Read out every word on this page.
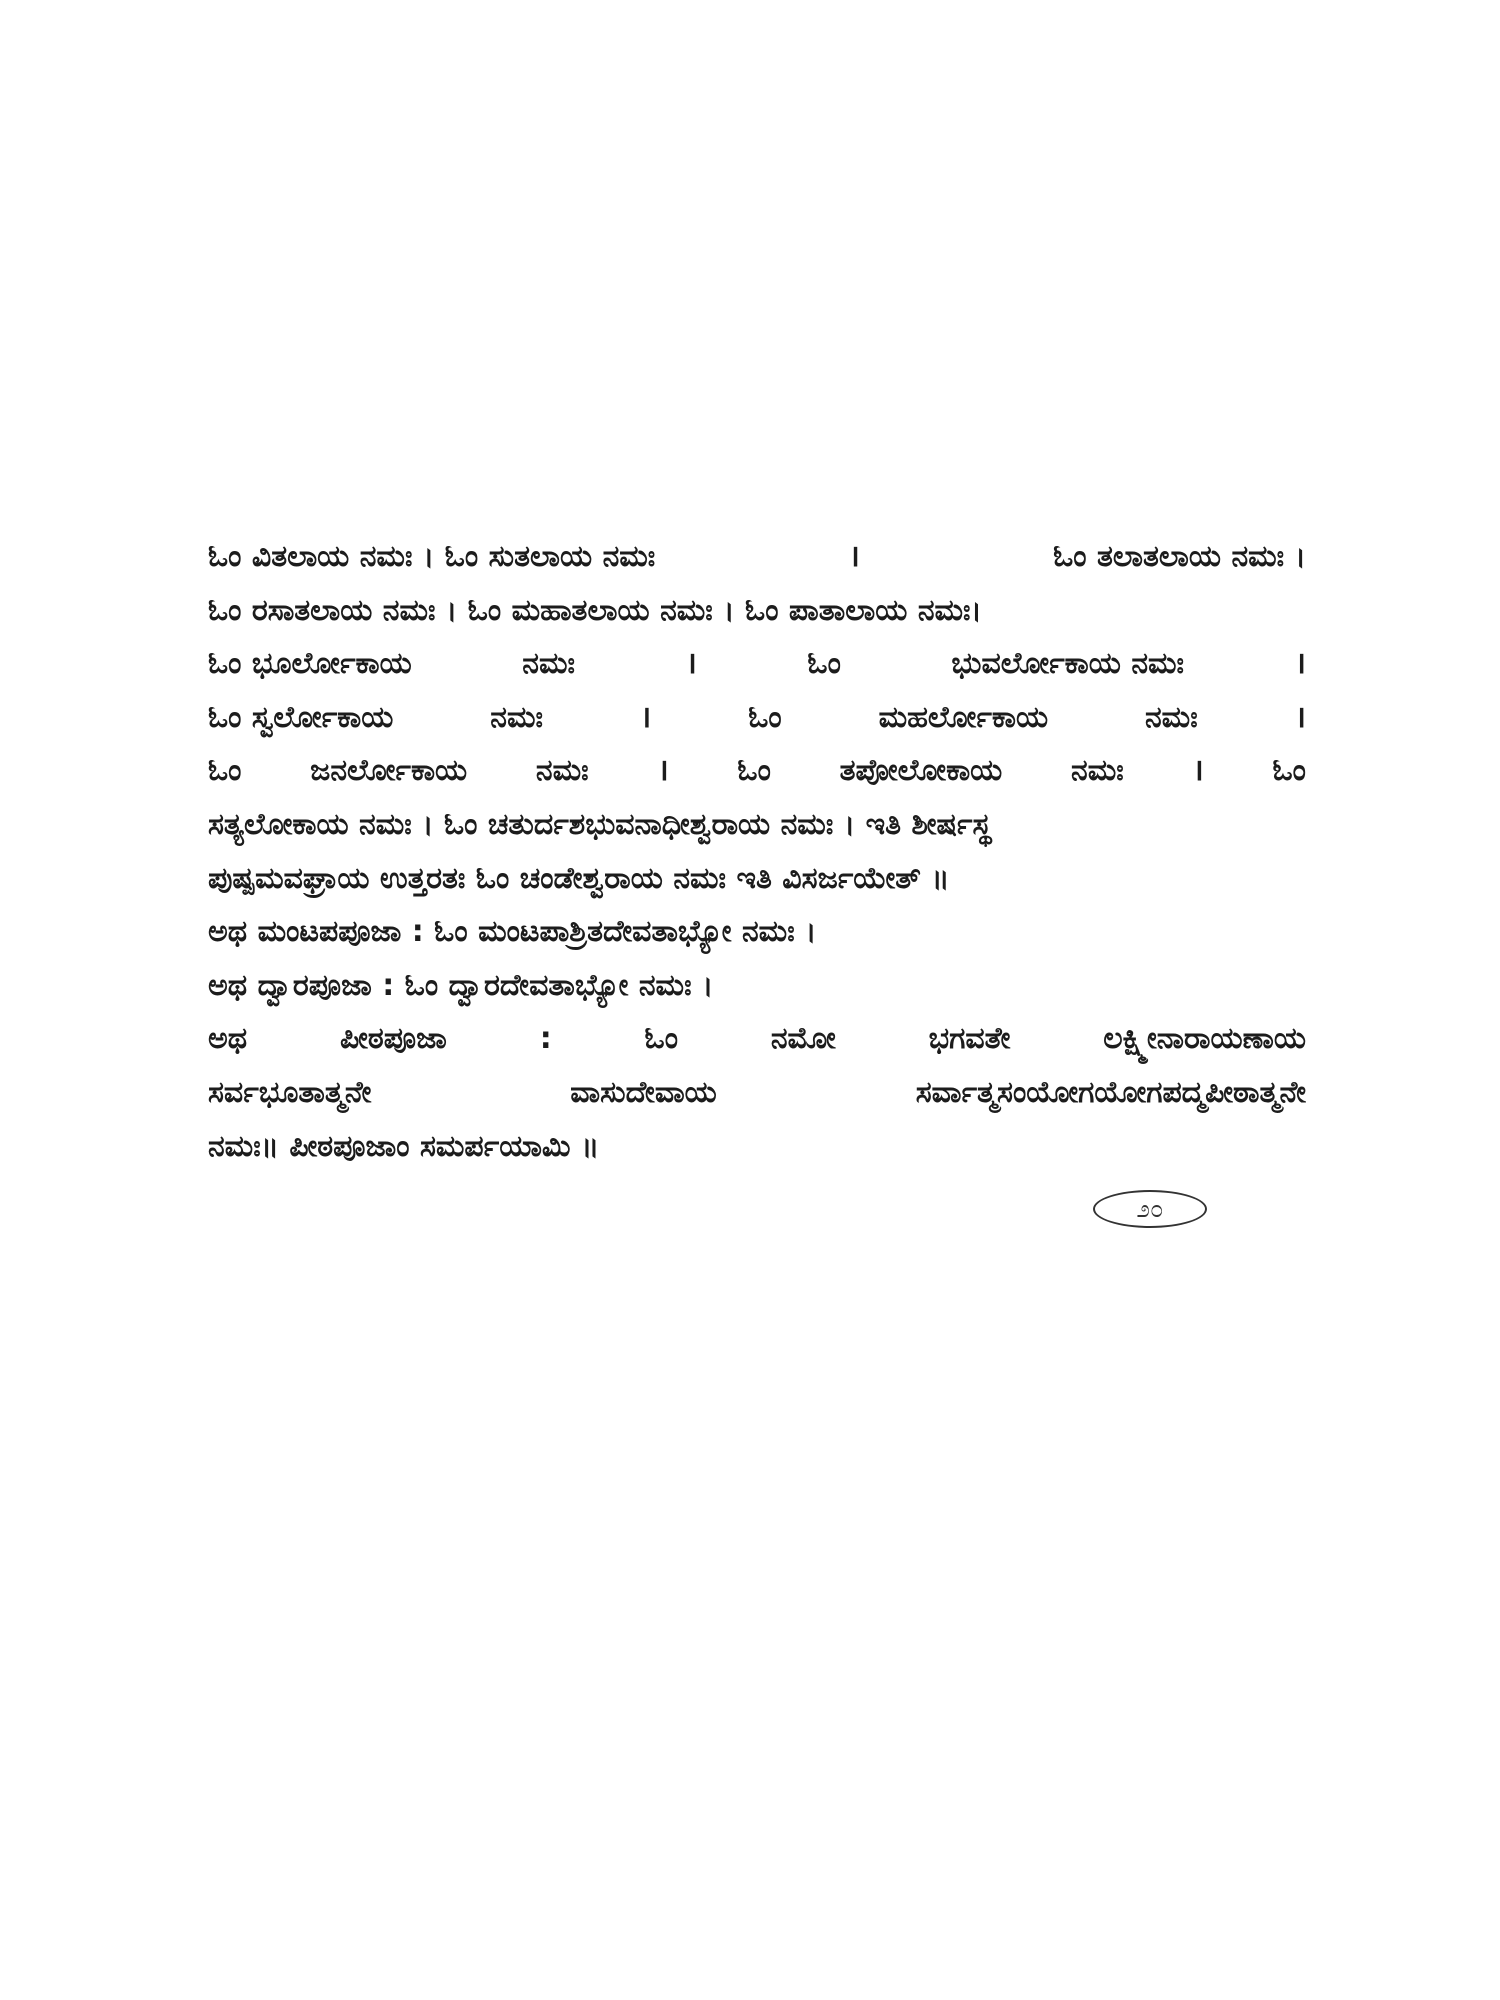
ಓಂ ವಿತಲಾಯ ನಮಃ । ಓಂ ಸುತಲಾಯ ನಮಃ	।	ಓಂ ತಲಾತಲಾಯ ನಮಃ ।
ಓಂ ರಸಾತಲಾಯ ನಮಃ । ಓಂ ಮಹಾತಲಾಯ ನಮಃ । ಓಂ ಪಾತಾಲಾಯ ನಮಃ।
ಓಂ ಭೂರ್ಲೋಕಾಯ	ನಮಃ	।	ಓಂ	ಭುವರ್ಲೋಕಾಯ ನಮಃ	।
ಓಂ ಸ್ವರ್ಲೋಕಾಯ	ನಮಃ	।	ಓಂ	ಮಹರ್ಲೋಕಾಯ	ನಮಃ	।
ಓಂ ಜನರ್ಲೋಕಾಯ ನಮಃ । ಓಂ ತಪೋಲೋಕಾಯ ನಮಃ । ಓಂ
ಸತ್ಯಲೋಕಾಯ ನಮಃ । ಓಂ ಚತುರ್ದಶಭುವನಾಧೀಶ್ವರಾಯ ನಮಃ । ಇತಿ ಶೀರ್ಷಸ್ಥ
ಪುಷ್ಪಮವಘ್ರಾಯ ಉತ್ತರತಃ ಓಂ ಚಂಡೇಶ್ವರಾಯ ನಮಃ ಇತಿ ವಿಸರ್ಜಯೇತ್ ॥
ಅಥ ಮಂಟಪಪೂಜಾ : ಓಂ ಮಂಟಪಾಶ್ರಿತದೇವತಾಭ್ಯೋ ನಮಃ ।
ಅಥ ದ್ವಾರಪೂಜಾ : ಓಂ ದ್ವಾರದೇವತಾಭ್ಯೋ ನಮಃ ।
ಅಥ	ಪೀಠಪೂಜಾ	:	ಓಂ	ನಮೋ	ಭಗವತೇ	ಲಕ್ಷ್ಮೀನಾರಾಯಣಾಯ
ಸರ್ವಭೂತಾತ್ಮನೇ	ವಾಸುದೇವಾಯ	ಸರ್ವಾತ್ಮಸಂಯೋಗಯೋಗಪದ್ಮಪೀಠಾತ್ಮನೇ
ನಮಃ॥ ಪೀಠಪೂಜಾಂ ಸಮರ್ಪಯಾಮಿ ॥
೨೦
